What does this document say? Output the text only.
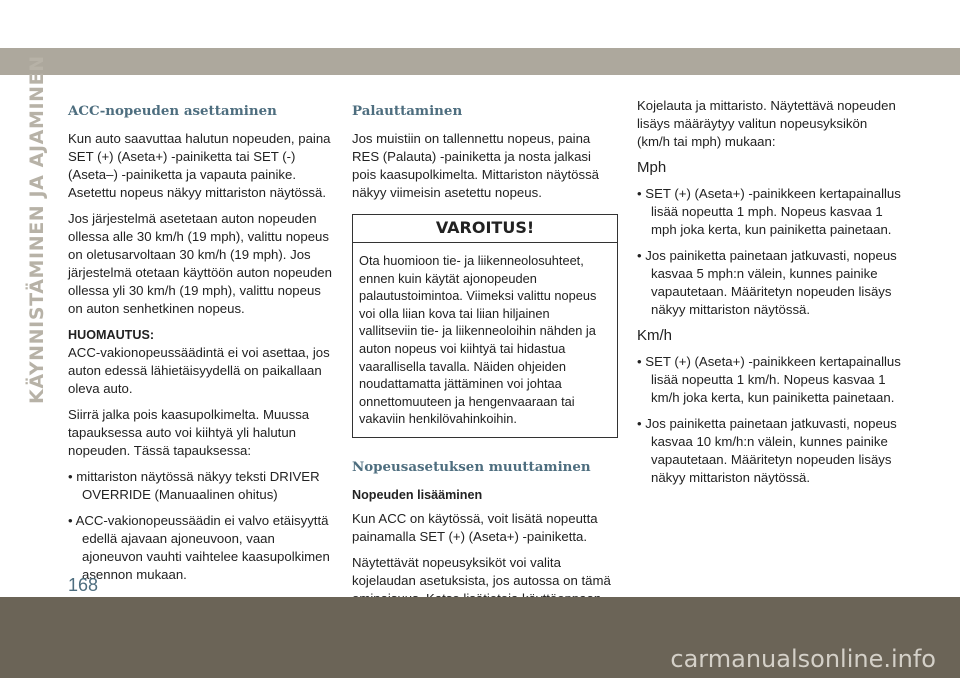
KÄYNNISTÄMINEN JA AJAMINEN ACC-nopeuden asettaminen

Kun auto saavuttaa halutun nopeuden, paina SET (+) (Aseta+) -painiketta tai SET (-) (Aseta–) -painiketta ja vapauta painike. Asetettu nopeus näkyy mittariston näytössä.

Jos järjestelmä asetetaan auton nopeuden ollessa alle 30 km/h (19 mph), valittu nopeus on oletusarvoltaan 30 km/h (19 mph). Jos järjestelmä otetaan käyttöön auton nopeuden ollessa yli 30 km/h (19 mph), valittu nopeus on auton senhetkinen nopeus.

HUOMAUTUS:

ACC-vakionopeussäädintä ei voi asettaa, jos auton edessä lähietäisyydellä on paikallaan oleva auto.

Siirrä jalka pois kaasupolkimelta. Muussa tapauksessa auto voi kiihtyä yli halutun nopeuden. Tässä tapauksessa:

• mittariston näytössä näkyy teksti DRIVER OVERRIDE (Manuaalinen ohitus)
• ACC-vakionopeussäädin ei valvo etäisyyttä edellä ajavaan ajoneuvoon, vaan ajoneuvon vauhti vaihtelee kaasupolkimen asennon mukaan.
Palauttaminen

Jos muistiin on tallennettu nopeus, paina RES (Palauta) -painiketta ja nosta jalkasi pois kaasupolkimelta. Mittariston näytössä näkyy viimeisin asetettu nopeus.

VAROITUS!

Ota huomioon tie- ja liikenneolosuhteet, ennen kuin käytät ajonopeuden palautustoimintoa. Viimeksi valittu nopeus voi olla liian kova tai liian hiljainen vallitseviin tie- ja liikenneoloihin nähden ja auton nopeus voi kiihtyä tai hidastua vaarallisella tavalla. Näiden ohjeiden noudattamatta jättäminen voi johtaa onnettomuuteen ja hengenvaaraan tai vakaviin henkilövahinkoihin.

Nopeusasetuksen muuttaminen
Nopeuden lisääminen

Kun ACC on käytössä, voit lisätä nopeutta painamalla SET (+) (Aseta+) -painiketta.

Näytettävät nopeusyksiköt voi valita kojelaudan asetuksista, jos autossa on tämä

Kojelauta ja mittaristo. Näytettävä nopeuden lisäys määräytyy valitun nopeusyksikön (km/h tai mph) mukaan:

Mph
• SET (+) (Aseta+) -painikkeen kertapainallus lisää nopeutta 1 mph. Nopeus kasvaa 1 mph joka kerta, kun painiketta painetaan.
• Jos painiketta painetaan jatkuvasti, nopeus kasvaa 5 mph:n välein, kunnes painike vapautetaan. Määritetyn nopeuden lisäys näkyy mittariston näytössä.
Km/h
• SET (+) (Aseta+) -painikkeen kertapainallus lisää nopeutta 1 km/h. Nopeus kasvaa 1 km/h joka kerta, kun painiketta painetaan.
• Jos painiketta painetaan jatkuvasti, nopeus kasvaa 10 km/h:n välein, kunnes painike vapautetaan. Määritetyn nopeuden lisäys näkyy mittariston näytössä.
168
carmanualsonline.info
